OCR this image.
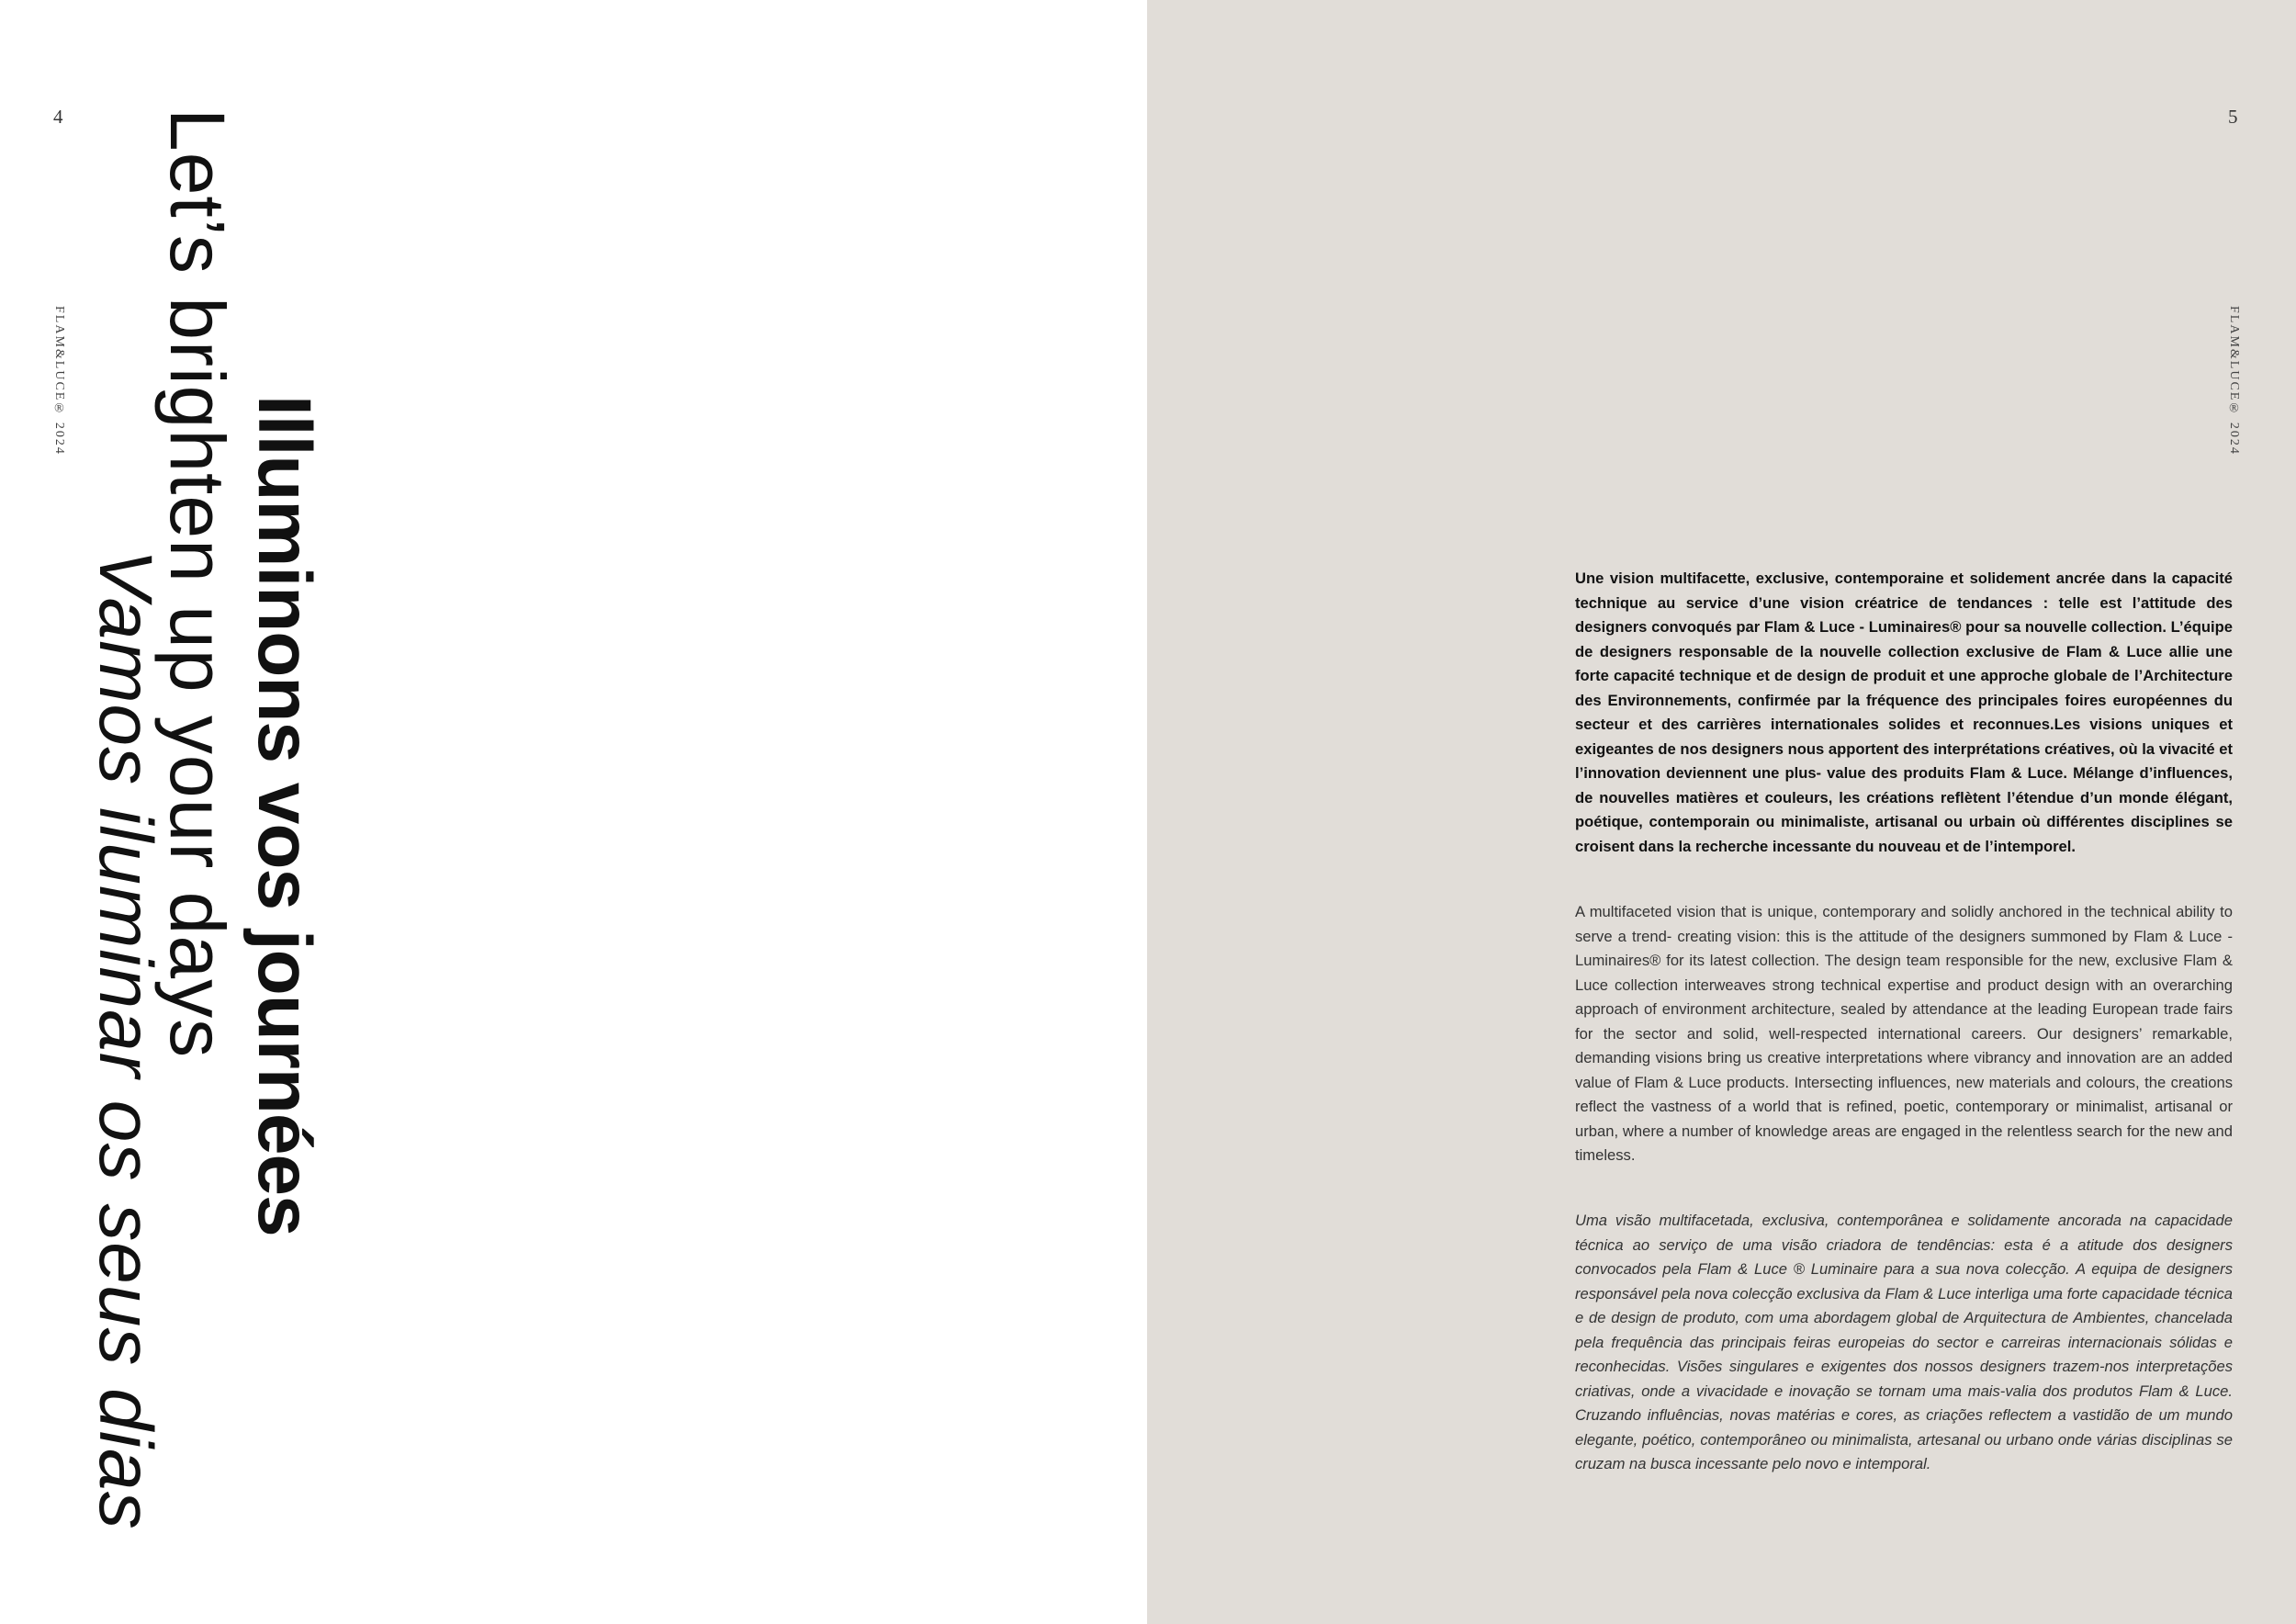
4
FLAM&LUCE® 2024
Illuminons vos journées
Let’s brighten up your days
Vamos iluminar os seus dias
5
FLAM&LUCE® 2024

Une vision multifacette, exclusive, contemporaine et solidement ancrée dans la capacité technique au service d’une vision créatrice de tendances : telle est l’attitude des designers convoqués par Flam & Luce - Luminaires® pour sa nouvelle collection. L’équipe de designers responsable de la nouvelle collection exclusive de Flam & Luce allie une forte capacité technique et de design de produit et une approche globale de l’Architecture des Environnements, confirmée par la fréquence des principales foires européennes du secteur et des carrières internationales solides et reconnues.Les visions uniques et exigeantes de nos designers nous apportent des interprétations créatives, où la vivacité et l’innovation deviennent une plus- value des produits Flam & Luce. Mélange d’influences, de nouvelles matières et couleurs, les créations reflètent l’étendue d’un monde élégant, poétique, contemporain ou minimaliste, artisanal ou urbain où différentes disciplines se croisent dans la recherche incessante du nouveau et de l’intemporel.

A multifaceted vision that is unique, contemporary and solidly anchored in the technical ability to serve a trend- creating vision: this is the attitude of the designers summoned by Flam & Luce - Luminaires® for its latest collection. The design team responsible for the new, exclusive Flam & Luce collection interweaves strong technical expertise and product design with an overarching approach of environment architecture, sealed by attendance at the leading European trade fairs for the sector and solid, well-respected international careers. Our designers’ remarkable, demanding visions bring us creative interpretations where vibrancy and innovation are an added value of Flam & Luce products. Intersecting influences, new materials and colours, the creations reflect the vastness of a world that is refined, poetic, contemporary or minimalist, artisanal or urban, where a number of knowledge areas are engaged in the relentless search for the new and timeless.

Uma visão multifacetada, exclusiva, contemporânea e solidamente ancorada na capacidade técnica ao serviço de uma visão criadora de tendências: esta é a atitude dos designers convocados pela Flam & Luce ® Luminaire para a sua nova colecção. A equipa de designers responsável pela nova colecção exclusiva da Flam & Luce interliga uma forte capacidade técnica e de design de produto, com uma abordagem global de Arquitectura de Ambientes, chancelada pela frequência das principais feiras europeias do sector e carreiras internacionais sólidas e reconhecidas. Visões singulares e exigentes dos nossos designers trazem-nos interpretações criativas, onde a vivacidade e inovação se tornam uma mais-valia dos produtos Flam & Luce. Cruzando influências, novas matérias e cores, as criações reflectem a vastidão de um mundo elegante, poético, contemporâneo ou minimalista, artesanal ou urbano onde várias disciplinas se cruzam na busca incessante pelo novo e intemporal.
